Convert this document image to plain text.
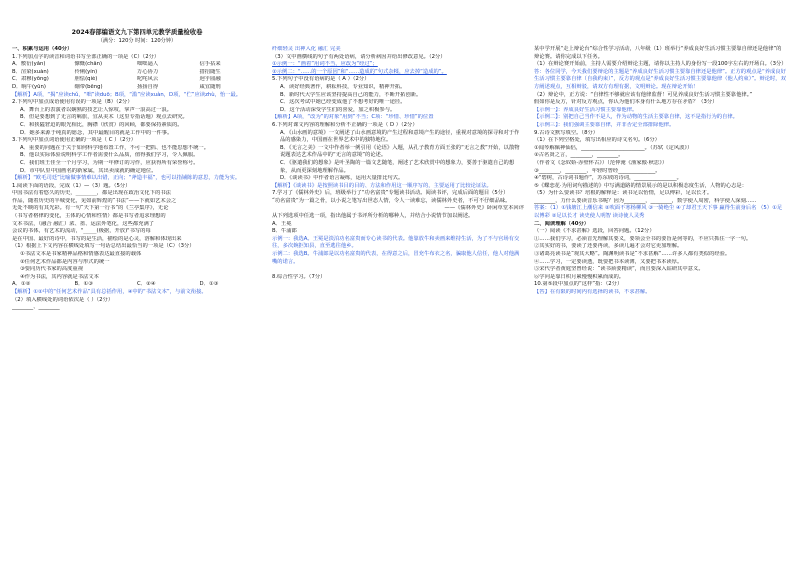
2024春部编语文九下第四单元教学质量检收卷
（满分：120分 时间：120分钟）
一、积累与运用（40分）
1.下列加点字的读音和词语书写全部正确的一项是（C）（2分）
A．敷衍(yǎn)	慷慨(chǎn)	咄咄逼人	信手拈来
B．渲染(xuàn)	伶俐(yín)	万心协力	措招随生
C．肃穆(yōng)	胆怯(qiè)	叱咤风云	迥乎圆融
D．晌午(yǔn)	绷带(bēng)	扬扬自得	咸宜随刑
【解析】A项，“揭”应读chǔ，“咄”读duō；B项，“滥”应读xuàn，D项，“伫”应读zhù，怡一最。
2.下列句中加点成语使用有误的一项是（B）（2分）
A．舞台上的表演者以娴熟的技艺让人惊叹，掌声一浪高过一浪。
B．但是要想到了无言的羁旅，宜从美术（这里专指话题）观点去研究。
C．和狭隘窘迫的眼光相比，胸襟（欣赏）的回顾，都要保持素质的。
D．她多来源于纯真的愿念，其中最醒目的就是工作中的一件事。
3.下列句中加点词语使用正确的一项是（ C ）（2分）
A．重要的问题在于关于如何科学地布置工作，不可一把抓、也不能思想不统一。
B．他以实际体验说明科学工作者需要什么品质，值得我们学习，令人佩服。
C．我们班王佳全一个月学习，为期一年修订的习作，应获得所有荣誉称号。
D．市中队里中国画名的新家属，其出卖成就的确定地位。
【解析】“欧毛司廷”比喻做事情难以出错，正向；“斧造丰福”，也可以指铺陈的意思，力能为实。
1.阅读下面的语段，完成（1）—（3）题。（5分）
中国书法有着悠久的历史，________，都是出现在政治文化下的书法
作品，随着历史的半城变化，见如前辉煌的“书法”——下就如艺术会之
无处不映的有其光彩。有一句“天下第一行书”的《兰亭集序》，无论
（书写者格律的变化，主体的心情和性情）都是书写者追求理想的
文本书法，（融合 融汇）浓、墨、运法外笔化，这些都充满了
会议的书体，有艺术的流动，"_____(极据，开放)"书写的每
是在中国、最好的诗中，书写的是生活，描绘的是心灵，溶解和体现出来
（1）根据上下文内容在横线处填写一句话总结出最恰当的一项是（C）（3分）
①书法文本是书家精神品格和情感表达最直接的载体
②任何艺术作品都是内容与形式的统一
③要同历代书家的高度重视
④作为书法，其内容就是书法文本
A．①②	B．①③	C．②④	D．①③
【解析】①②中的“任何艺术作品”具有总括作用，④中的“书法文本”，与前文衔接。
（2）填入横线处的词语依次是（ ）（2分）
________、________
纤细轻灵 出神入化 融汇 完美
（3）文中画横线的句子有两处语病，请分析病因并给出修改意见。（2分）
①示例一：“画着”用词不当，应改为“经过”；
②示例二：“……的一个原因”和“……造成的”句式杂糅，应去掉“造成的”。
5.下列句子中没有语病的是（ A ）（2分）
A．读好经典著作，耕耘科技，专业知识，精神开拓。
B．新时代大学生应该坚持提高自己的能力，不断开拓创新。
C．这次考试中她已经变成他了不想考好的唯一途径。
D．这个活动深受学生们的喜爱，加之积极参与。
【解析】A项，“改为”的对象“用到”不当；C项：“珍惜、珍惜”的位置
6.下列对课文内容的理解和分析不正确的一项是（ D ）（2分）
A．《山水画的意境》一文阐述了山水画意境的产生过程和意境产生的途径，重视对意境的探寻和对于作品的感染力，中国画在世界艺术中的独特地位。
B．《无言之美》一文中作者举一例引用《论语》入题，从孔子教育方面王张的“无言之教”开始，以散物说题表达艺术作品中的“无言的意境”的论述。
C．《驱遣我们的想象》是叶圣陶的一篇文艺随笔，阐述了艺术欣赏中的想象力，要善于驱遣自己的想象，从而更深刻地理解作品。
D．《谈读书》中作者语言凝练，运用大量排比句式。
【解析】《谈读书》是按照读书目的目的、方法和作用这一顺序写的，主要运用了比较论证法。
7.学习了《儒林外史》后，班级举行了“功名富贵”专题读书活动。阅读书评，完成后面的题目（5分）
“功名富贵”为一篇之骨，以小说之笔写出世态人情，令人一读难忘，读儒林外史者，不可不仔细品味。
——《儒林外史》卧闲草堂本回评
从下列选项中任选一项，指出他属于书评所分析的哪种人，并结合小说情节加以阐述。
A．王冕
B．牛浦郎
示例一：我选A。王冕是淡泊功名富贵而专心读书的代表。他靠放牛和卖画来维持生活，为了不与官场有交往，多次婉拒知县，直至逃往他乡。
示例二：我选B。牛浦郎是以功名富贵的代表，在得意之后，冒充牛布衣之名，骗取他人信任，他人对他满嘴的诺言。
8.综合性学习。（7分）
某中学开展“走上辩论台”综合性学习活动，八年级（1）班举行“养成良好生活习惯主要靠自律还是他律”的辩论赛。请你完成以下任务。
（1）在辩论赛开始前，主持人需要介绍辩论主题，请你以主持人的身份写一段100字左右的开场白。（3分）
答：各位同学，今天我们要辩论的主题是“养成良好生活习惯主要靠自律还是他律”。正方的观点是“养成良好生活习惯主要靠自律（自我约束）”，反方的观点是“养成良好生活习惯主要靠他律（他人约束）”。辩论时，双方阐述观点，互相辩驳，请双方有理有据，文明辩论。现在辩论开始！
（2）辩论中，正方说：“自律性不够就应该有他律监督！可见养成良好生活习惯主要靠他律。”
假如你是反方，针对反方观点，你认为他们本身有什么地方存在矛盾？（3分）
【示例一】：养成良好生活习惯主要靠他律。
【示例二】：别把自己当作不是人，作为动物的生活主要靠自律，这不是指行为的自律。
【示例三】：我们强调主要靠自律，并非否定全部排除他律。
9.古诗文默写填空。（8分）
（1）在下列空格处，填写出相应的诗文名句。（6分）
①闻琴解佩神仙侣，________________________。（苏轼《定风波》）
②古名贤之言，________，________。
（作者文《念奴娇·赤壁怀古》）（范仲淹《渔家傲·秋思》）
③________，________，年轻时曾经______________。
④“碧树，古诗词书题作”，苏东坡的诗词，________________。
⑤《蝶恋花·为用词句描述的》中写满道路的情景展示的是以积极态度生活，人物的心志是：
（5）为什么要读书？培根的解释是：读书足以怡情，足以傅彩，足以长才。
________，力什么要读音乐书呢？因为________，________，数学使人周密，科学使人深刻……
答案：（1）①钱塘江上潮信来 ②吹面不寒杨柳风 ③一骑绝尘 ④了却君王天下事 赢得生前身后名 （5）①足以博彩 ②足以长才 读史使人明智 读诗使人灵秀
二、阅读理解（40分）
（一）阅读《不求甚解》选段，回答问题。（12分）
①……我们学习，必须首先理解其要义，要领会全书的要旨是何等的，不应只抓住一字一句。
②其实好的书，要读了还要再读，多读几遍才会对它更加理解。
③诸葛亮读书是“观其大略”。陶渊明读书是“不求甚解”……许多人都有类似的经验。
④……学习，一定要读透，既要把书本读薄，又要把书本读厚。
⑤宋代学者黄庭坚曾经说：“读书须要精读”，而且要深入钻研其中意义。
⑥学问是靠日积月累慢慢积累而成的。
10.第⑤段中加点的“这样”指：（2分）
【答】在有限的时间内有选择的读书，不求甚解。
